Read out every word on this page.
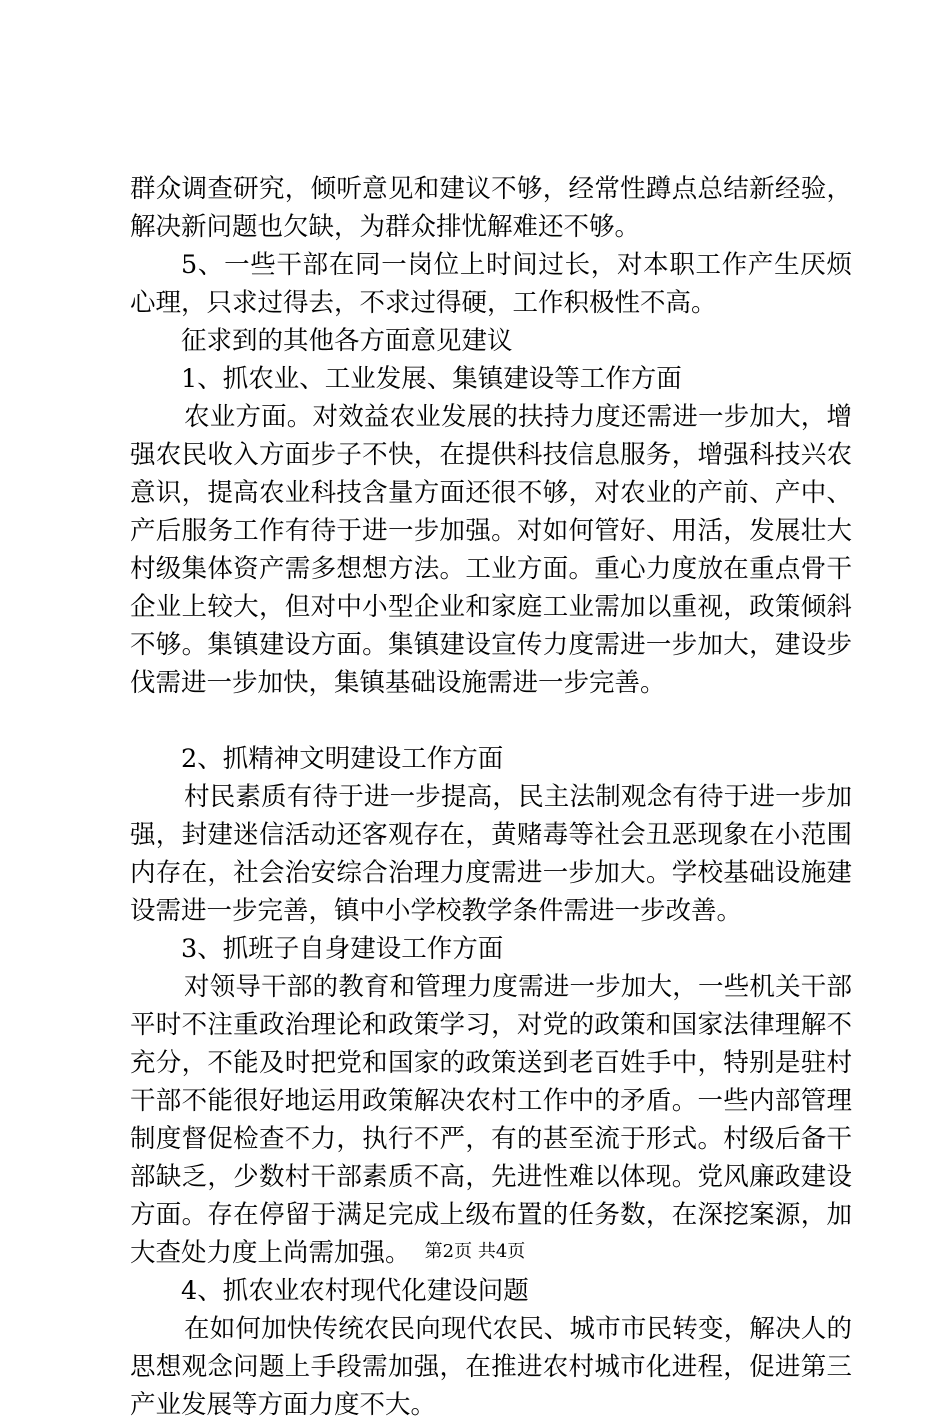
群众调查研究，倾听意见和建议不够，经常性蹲点总结新经验，解决新问题也欠缺，为群众排忧解难还不够。

5、一些干部在同一岗位上时间过长，对本职工作产生厌烦心理，只求过得去，不求过得硬，工作积极性不高。

征求到的其他各方面意见建议

1、抓农业、工业发展、集镇建设等工作方面

农业方面。对效益农业发展的扶持力度还需进一步加大，增强农民收入方面步子不快，在提供科技信息服务，增强科技兴农意识，提高农业科技含量方面还很不够，对农业的产前、产中、产后服务工作有待于进一步加强。对如何管好、用活，发展壮大村级集体资产需多想想方法。工业方面。重心力度放在重点骨干企业上较大，但对中小型企业和家庭工业需加以重视，政策倾斜不够。集镇建设方面。集镇建设宣传力度需进一步加大，建设步伐需进一步加快，集镇基础设施需进一步完善。

2、抓精神文明建设工作方面

村民素质有待于进一步提高，民主法制观念有待于进一步加强，封建迷信活动还客观存在，黄赌毒等社会丑恶现象在小范围内存在，社会治安综合治理力度需进一步加大。学校基础设施建设需进一步完善，镇中小学校教学条件需进一步改善。

3、抓班子自身建设工作方面

对领导干部的教育和管理力度需进一步加大，一些机关干部平时不注重政治理论和政策学习，对党的政策和国家法律理解不充分，不能及时把党和国家的政策送到老百姓手中，特别是驻村干部不能很好地运用政策解决农村工作中的矛盾。一些内部管理制度督促检查不力，执行不严，有的甚至流于形式。村级后备干部缺乏，少数村干部素质不高，先进性难以体现。党风廉政建设方面。存在停留于满足完成上级布置的任务数，在深挖案源，加大查处力度上尚需加强。

4、抓农业农村现代化建设问题

在如何加快传统农民向现代农民、城市市民转变，解决人的思想观念问题上手段需加强，在推进农村城市化进程，促进第三产业发展等方面力度不大。

第2页 共4页
